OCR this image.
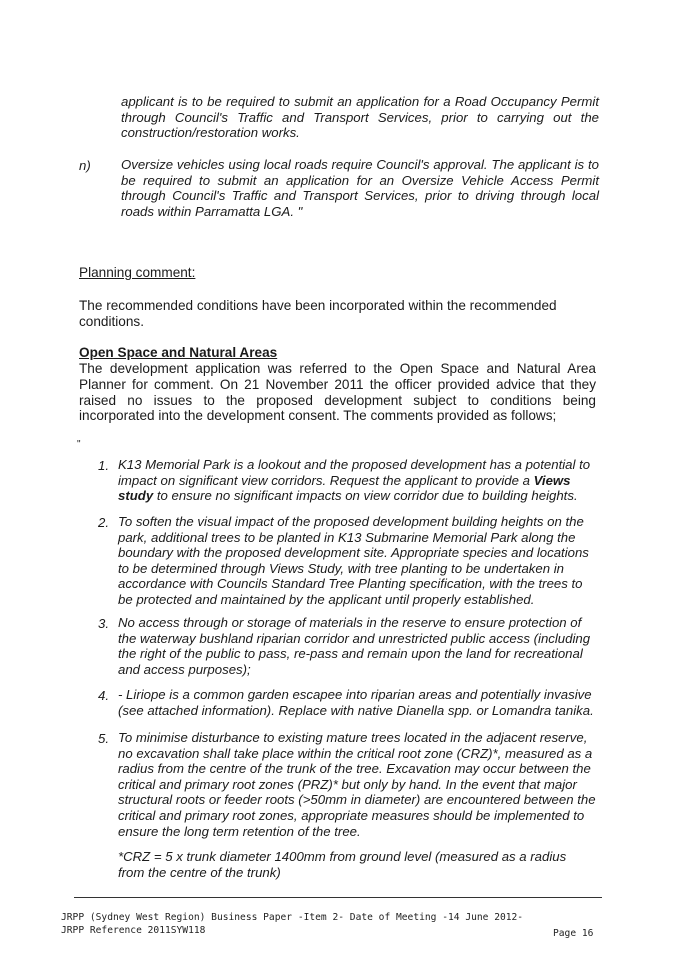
applicant is to be required to submit an application for a Road Occupancy Permit through Council's Traffic and Transport Services, prior to carrying out the construction/restoration works.
n) Oversize vehicles using local roads require Council's approval. The applicant is to be required to submit an application for an Oversize Vehicle Access Permit through Council's Traffic and Transport Services, prior to driving through local roads within Parramatta LGA. "
Planning comment:
The recommended conditions have been incorporated within the recommended conditions.
Open Space and Natural Areas
The development application was referred to the Open Space and Natural Area Planner for comment. On 21 November 2011 the officer provided advice that they raised no issues to the proposed development subject to conditions being incorporated into the development consent. The comments provided as follows;
"
1. K13 Memorial Park is a lookout and the proposed development has a potential to impact on significant view corridors. Request the applicant to provide a Views study to ensure no significant impacts on view corridor due to building heights.
2. To soften the visual impact of the proposed development building heights on the park, additional trees to be planted in K13 Submarine Memorial Park along the boundary with the proposed development site. Appropriate species and locations to be determined through Views Study, with tree planting to be undertaken in accordance with Councils Standard Tree Planting specification, with the trees to be protected and maintained by the applicant until properly established.
3. No access through or storage of materials in the reserve to ensure protection of the waterway bushland riparian corridor and unrestricted public access (including the right of the public to pass, re-pass and remain upon the land for recreational and access purposes);
4. - Liriope is a common garden escapee into riparian areas and potentially invasive (see attached information). Replace with native Dianella spp. or Lomandra tanika.
5. To minimise disturbance to existing mature trees located in the adjacent reserve, no excavation shall take place within the critical root zone (CRZ)*, measured as a radius from the centre of the trunk of the tree. Excavation may occur between the critical and primary root zones (PRZ)* but only by hand. In the event that major structural roots or feeder roots (>50mm in diameter) are encountered between the critical and primary root zones, appropriate measures should be implemented to ensure the long term retention of the tree.
*CRZ = 5 x trunk diameter 1400mm from ground level (measured as a radius from the centre of the trunk)
JRPP (Sydney West Region) Business Paper -Item 2- Date of Meeting -14 June 2012-
JRPP Reference 2011SYW118	Page 16
